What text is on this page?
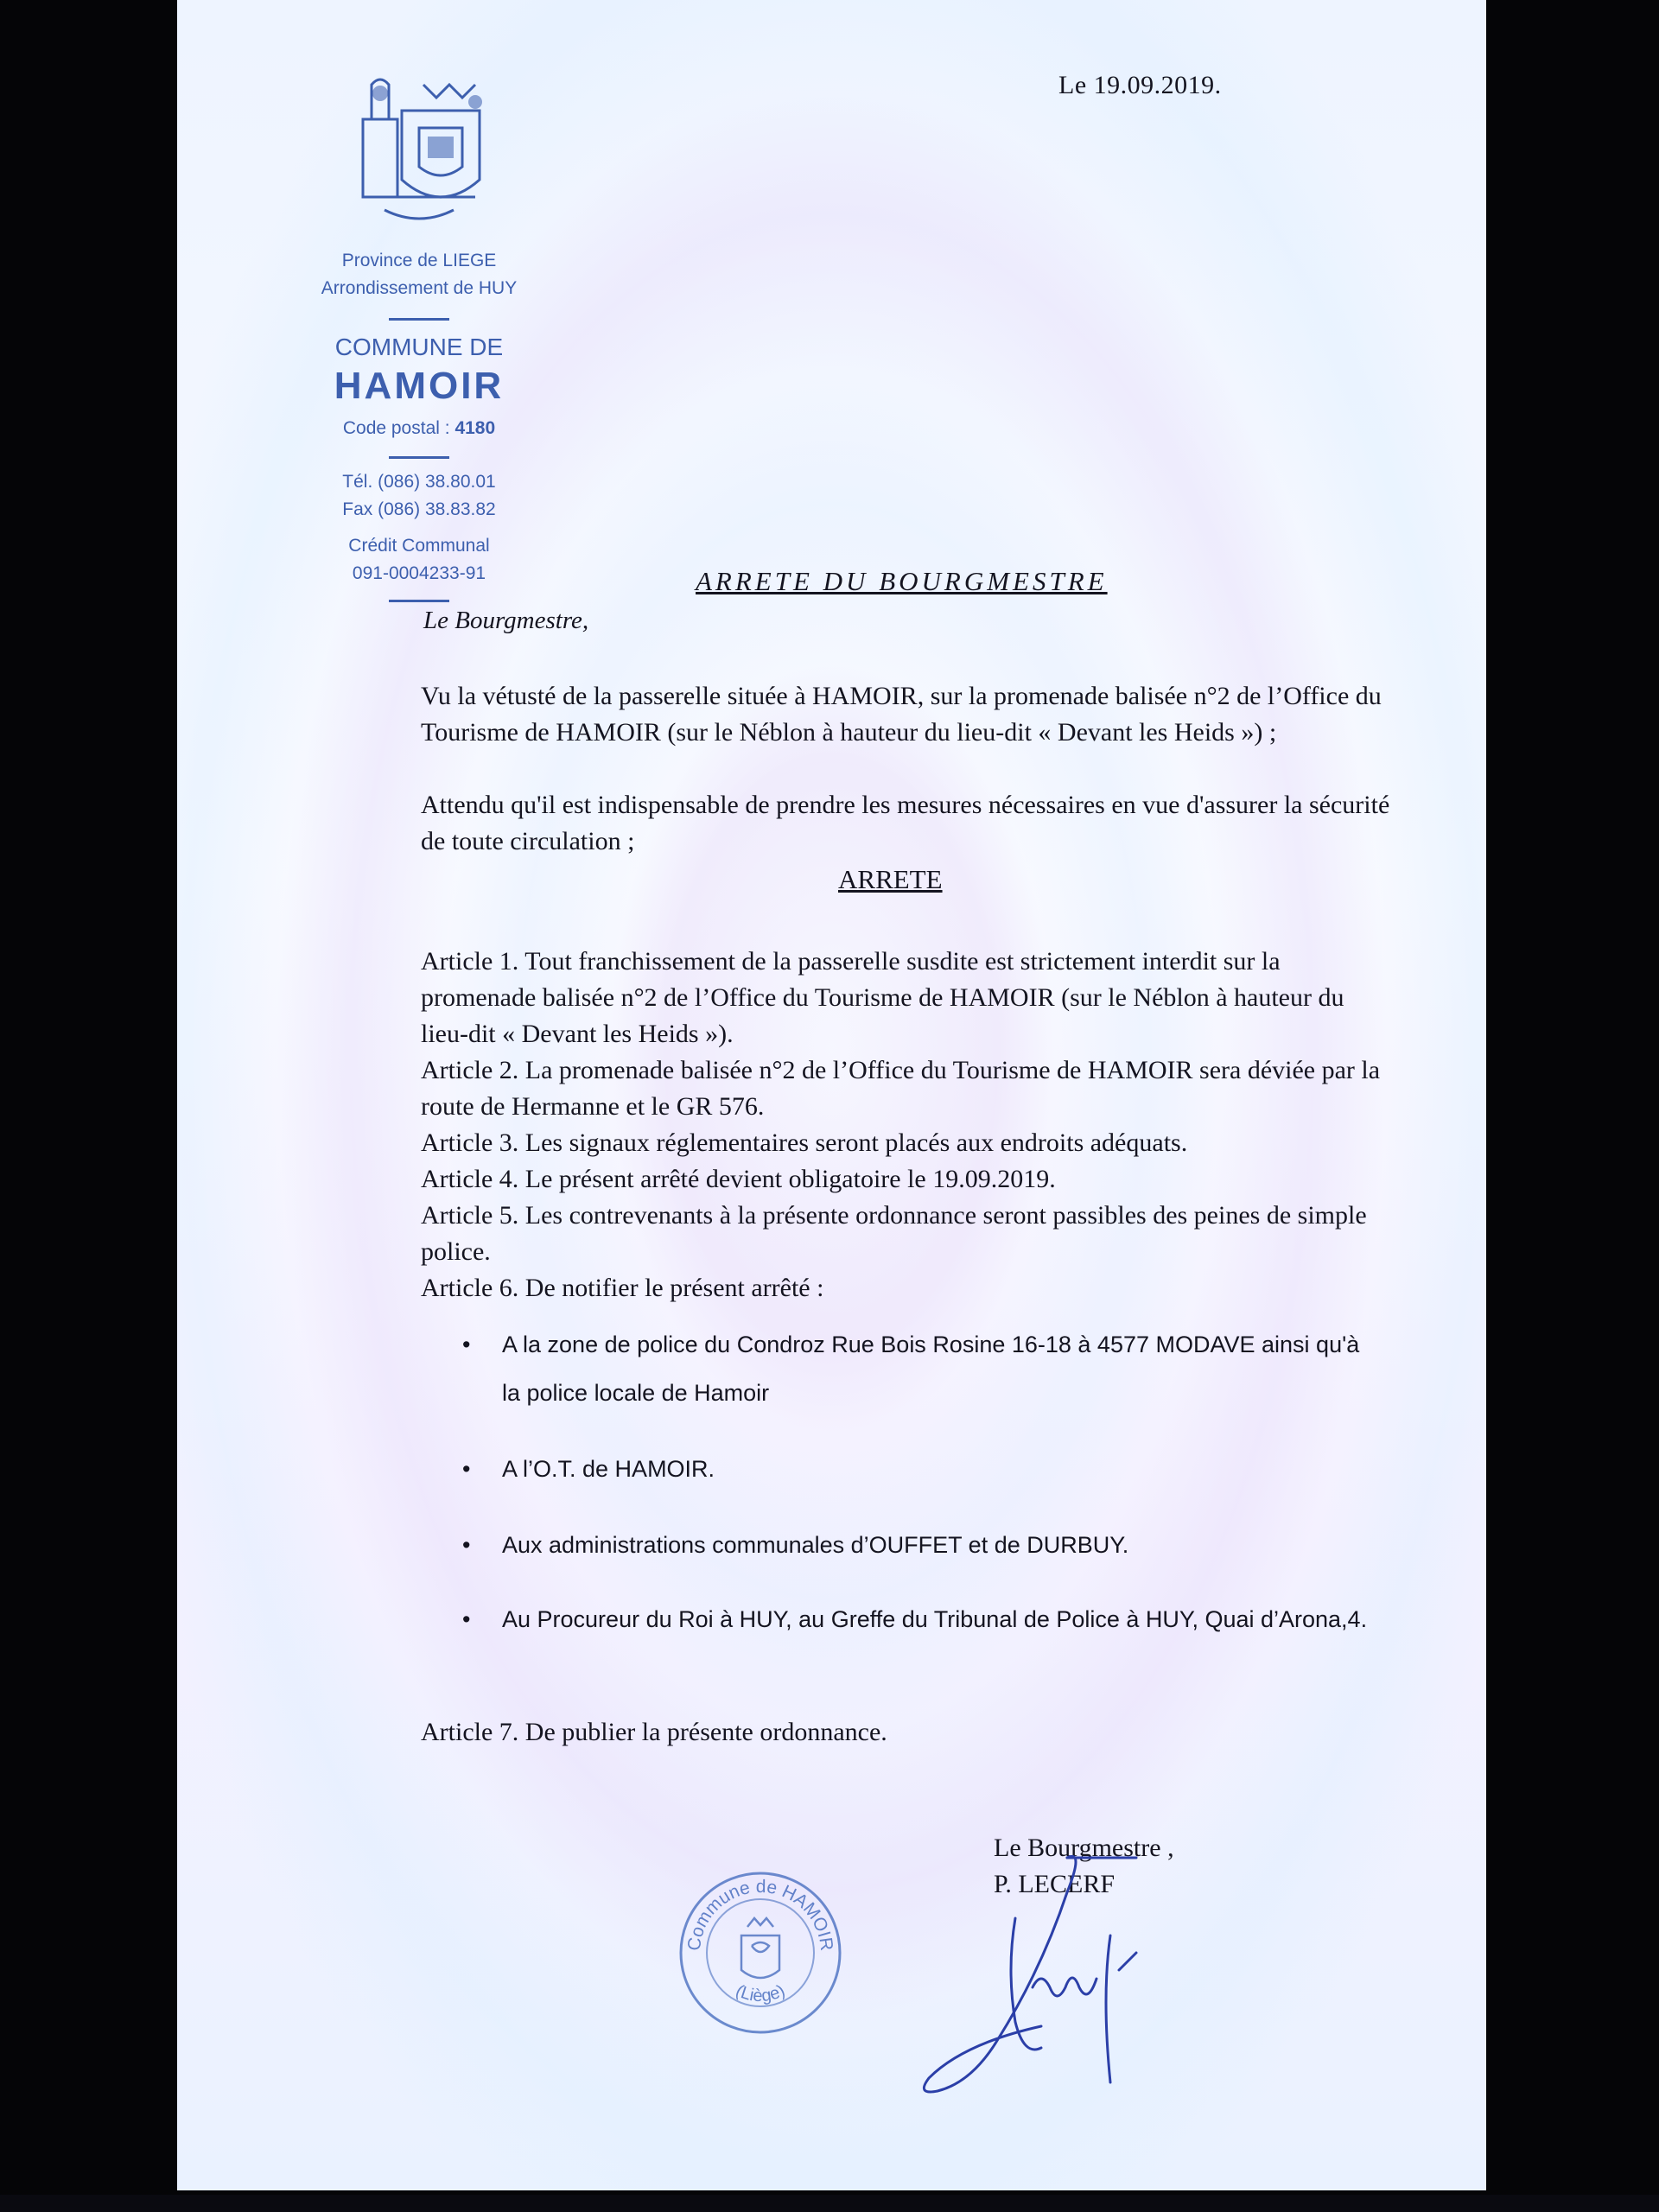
Le 19.09.2019.
Province de LIEGE
Arrondissement de HUY
COMMUNE DE
HAMOIR
Code postal : 4180
Tél. (086) 38.80.01
Fax (086) 38.83.82
Crédit Communal
091-0004233-91	ARRETE DU BOURGMESTRE
Le Bourgmestre,
Vu la vétusté de la passerelle située à HAMOIR, sur la promenade balisée n°2 de l’Office du Tourisme de HAMOIR (sur le Néblon à hauteur du lieu-dit « Devant les Heids ») ;
Attendu qu'il est indispensable de prendre les mesures nécessaires en vue d'assurer la sécurité de toute circulation ;
ARRETE
Article 1. Tout franchissement de la passerelle susdite est strictement interdit sur la promenade balisée n°2 de l’Office du Tourisme de HAMOIR (sur le Néblon à hauteur du lieu-dit « Devant les Heids »).
Article 2. La promenade balisée n°2 de l’Office du Tourisme de HAMOIR sera déviée par la route de Hermanne et le GR 576.
Article 3. Les signaux réglementaires seront placés aux endroits adéquats.
Article 4. Le présent arrêté devient obligatoire le 19.09.2019.
Article 5. Les contrevenants à la présente ordonnance seront passibles des peines de simple police.
Article 6. De notifier le présent arrêté :
• A la zone de police du Condroz Rue Bois Rosine 16-18 à 4577 MODAVE ainsi qu'à la police locale de Hamoir
• A l’O.T. de HAMOIR.
• Aux administrations communales d’OUFFET et de DURBUY.
• Au Procureur du Roi à HUY, au Greffe du Tribunal de Police à HUY, Quai d’Arona,4.
Article 7. De publier la présente ordonnance.
Le Bourgmestre ,
P. LECERF
Commune de HAMOIR
(Liège)
